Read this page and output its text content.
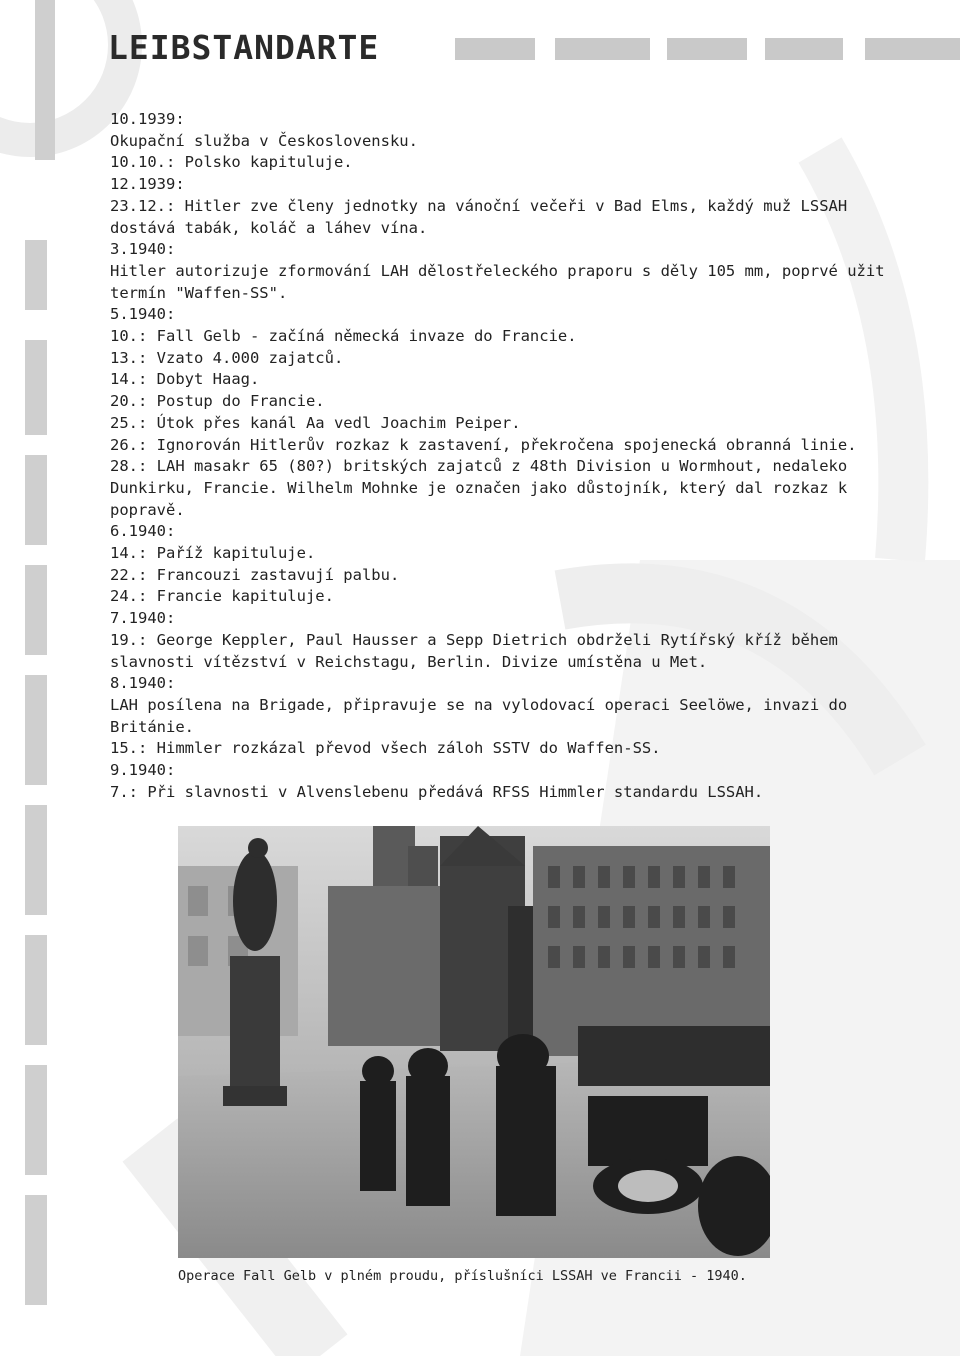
LEIBSTANDARTE
10.1939:
Okupační služba v Československu.
10.10.: Polsko kapituluje.
12.1939:
23.12.: Hitler zve členy jednotky na vánoční večeři v Bad Elms, každý muž LSSAH dostává tabák, koláč a láhev vína.
3.1940:
Hitler autorizuje zformování LAH dělostřeleckého praporu s děly 105 mm, poprvé užit termín "Waffen-SS".
5.1940:
10.: Fall Gelb - začíná německá invaze do Francie.
13.: Vzato 4.000 zajatců.
14.: Dobyt Haag.
20.: Postup do Francie.
25.: Útok přes kanál Aa vedl Joachim Peiper.
26.: Ignorován Hitlerův rozkaz k zastavení, překročena spojenecká obranná linie.
28.: LAH masakr 65 (80?) britských zajatců z 48th Division u Wormhout, nedaleko Dunkirku, Francie. Wilhelm Mohnke je označen jako důstojník, který dal rozkaz k popravě.
6.1940:
14.: Paříž kapituluje.
22.: Francouzi zastavují palbu.
24.: Francie kapituluje.
7.1940:
19.: George Keppler, Paul Hausser a Sepp Dietrich obdrželi Rytířský kříž během slavnosti vítězství v Reichstagu, Berlin. Divize umístěna u Met.
8.1940:
LAH posílena na Brigade, připravuje se na vylodovací operaci Seelöwe, invazi do Británie.
15.: Himmler rozkázal převod všech záloh SSTV do Waffen-SS.
9.1940:
7.: Při slavnosti v Alvenslebenu předává RFSS Himmler standardu LSSAH.
Operace Fall Gelb v plném proudu, příslušníci LSSAH ve Francii - 1940.
